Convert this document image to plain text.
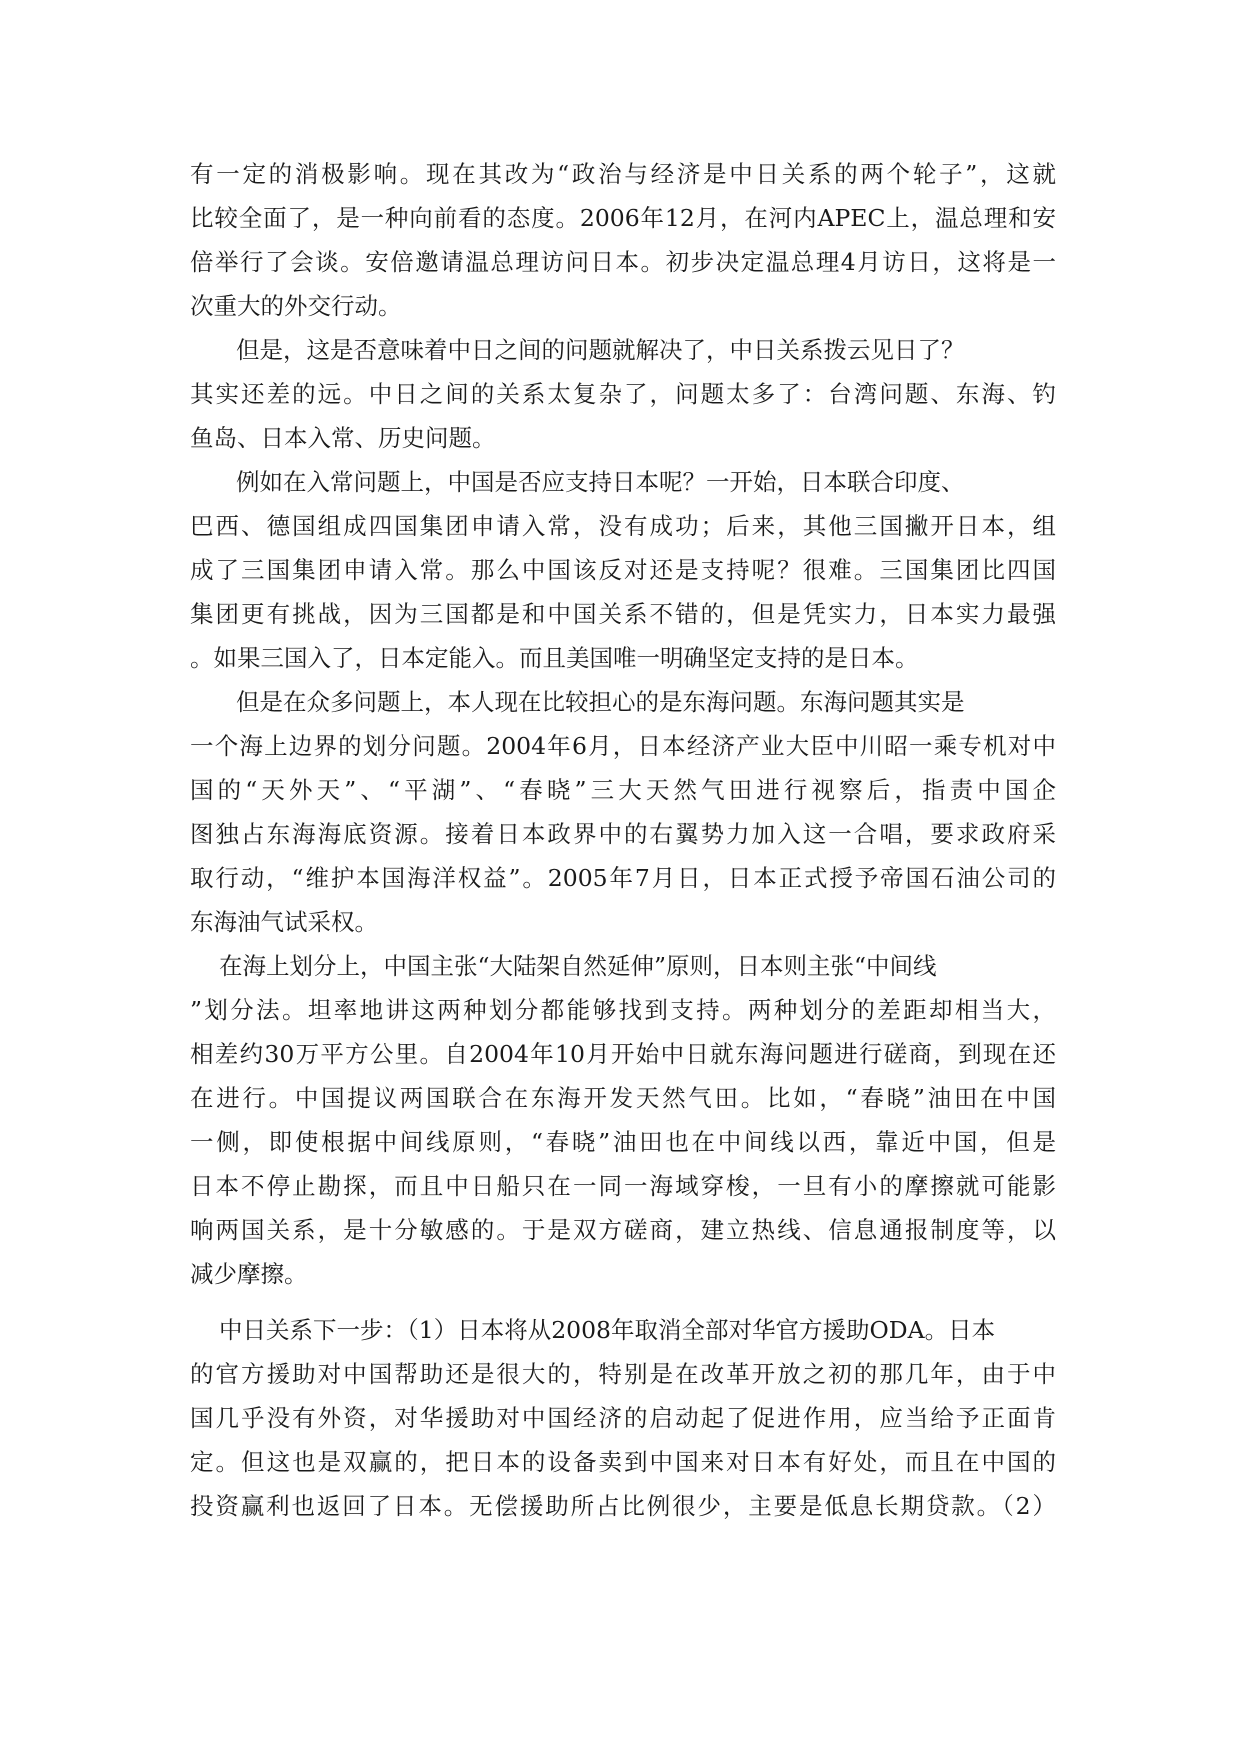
有一定的消极影响。现在其改为“政治与经济是中日关系的两个轮子”，这就
比较全面了，是一种向前看的态度。2006年12月，在河内APEC上，温总理和安
倍举行了会谈。安倍邀请温总理访问日本。初步决定温总理4月访日，这将是一
次重大的外交行动。
但是，这是否意味着中日之间的问题就解决了，中日关系拨云见日了？
其实还差的远。中日之间的关系太复杂了，问题太多了：台湾问题、东海、钓
鱼岛、日本入常、历史问题。
例如在入常问题上，中国是否应支持日本呢？一开始，日本联合印度、
巴西、德国组成四国集团申请入常，没有成功；后来，其他三国撇开日本，组
成了三国集团申请入常。那么中国该反对还是支持呢？很难。三国集团比四国
集团更有挑战，因为三国都是和中国关系不错的，但是凭实力，日本实力最强
。如果三国入了，日本定能入。而且美国唯一明确坚定支持的是日本。
但是在众多问题上，本人现在比较担心的是东海问题。东海问题其实是
一个海上边界的划分问题。2004年6月，日本经济产业大臣中川昭一乘专机对中
国的“天外天”、“平湖”、“春晓”三大天然气田进行视察后，指责中国企
图独占东海海底资源。接着日本政界中的右翼势力加入这一合唱，要求政府采
取行动，“维护本国海洋权益”。2005年7月日，日本正式授予帝国石油公司的
东海油气试采权。
在海上划分上，中国主张“大陆架自然延伸”原则，日本则主张“中间线
”划分法。坦率地讲这两种划分都能够找到支持。两种划分的差距却相当大，
相差约30万平方公里。自2004年10月开始中日就东海问题进行磋商，到现在还
在进行。中国提议两国联合在东海开发天然气田。比如，“春晓”油田在中国
一侧，即使根据中间线原则，“春晓”油田也在中间线以西，靠近中国，但是
日本不停止勘探，而且中日船只在一同一海域穿梭，一旦有小的摩擦就可能影
响两国关系，是十分敏感的。于是双方磋商，建立热线、信息通报制度等，以
减少摩擦。
中日关系下一步：（1）日本将从2008年取消全部对华官方援助ODA。日本
的官方援助对中国帮助还是很大的，特别是在改革开放之初的那几年，由于中
国几乎没有外资，对华援助对中国经济的启动起了促进作用，应当给予正面肯
定。但这也是双赢的，把日本的设备卖到中国来对日本有好处，而且在中国的
投资赢利也返回了日本。无偿援助所占比例很少，主要是低息长期贷款。（2）
